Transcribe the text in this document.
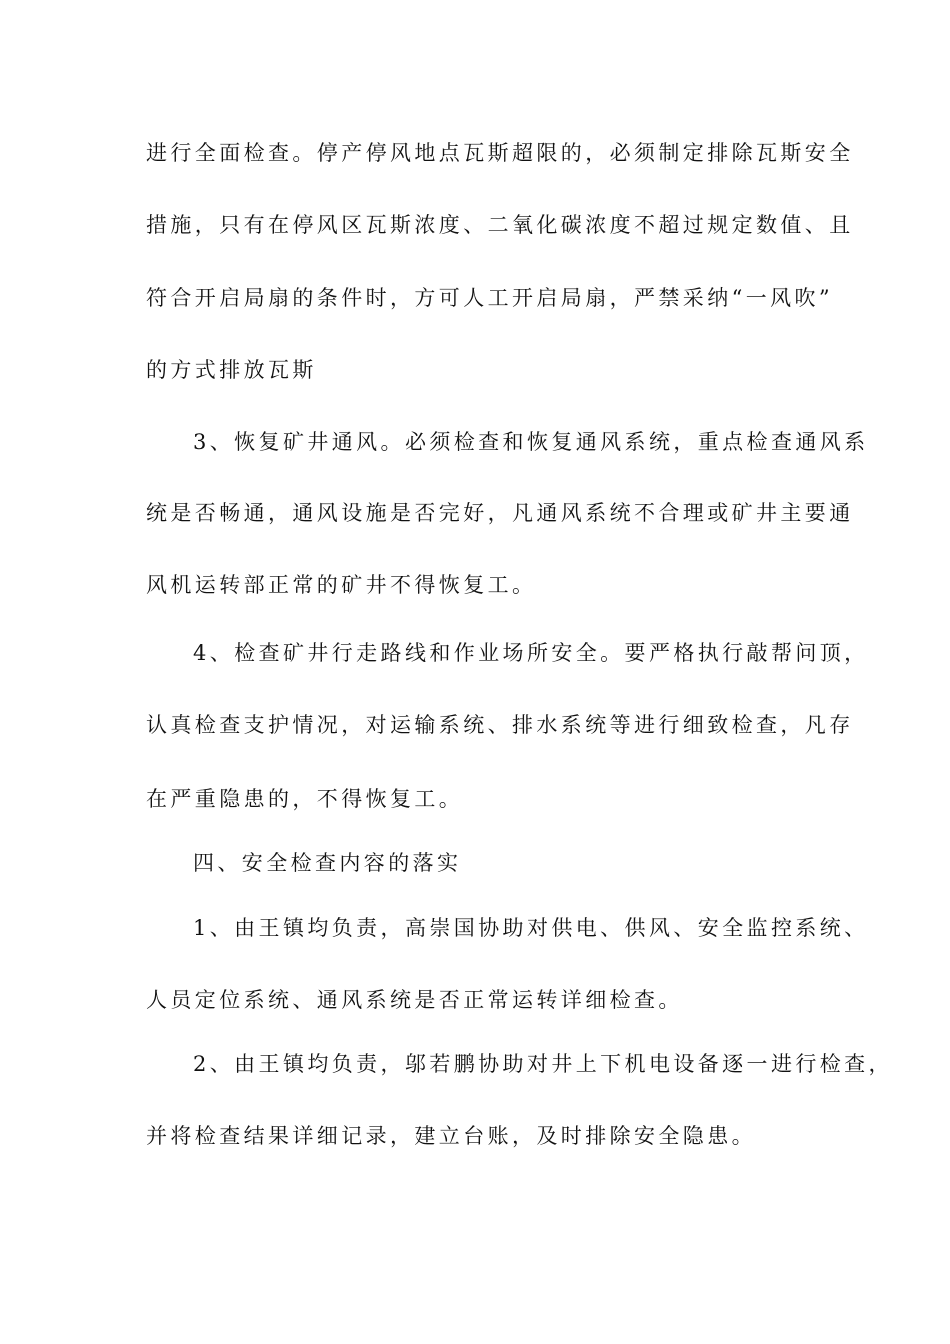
进行全面检查。停产停风地点瓦斯超限的，必须制定排除瓦斯安全
措施，只有在停风区瓦斯浓度、二氧化碳浓度不超过规定数值、且
符合开启局扇的条件时，方可人工开启局扇，严禁采纳“一风吹”
的方式排放瓦斯
3、恢复矿井通风。必须检查和恢复通风系统，重点检查通风系
统是否畅通，通风设施是否完好，凡通风系统不合理或矿井主要通
风机运转部正常的矿井不得恢复工。
4、检查矿井行走路线和作业场所安全。要严格执行敲帮问顶，
认真检查支护情况，对运输系统、排水系统等进行细致检查，凡存
在严重隐患的，不得恢复工。
四、安全检查内容的落实
1、由王镇均负责，高崇国协助对供电、供风、安全监控系统、
人员定位系统、通风系统是否正常运转详细检查。
2、由王镇均负责，邬若鹏协助对井上下机电设备逐一进行检查，
并将检查结果详细记录，建立台账，及时排除安全隐患。
